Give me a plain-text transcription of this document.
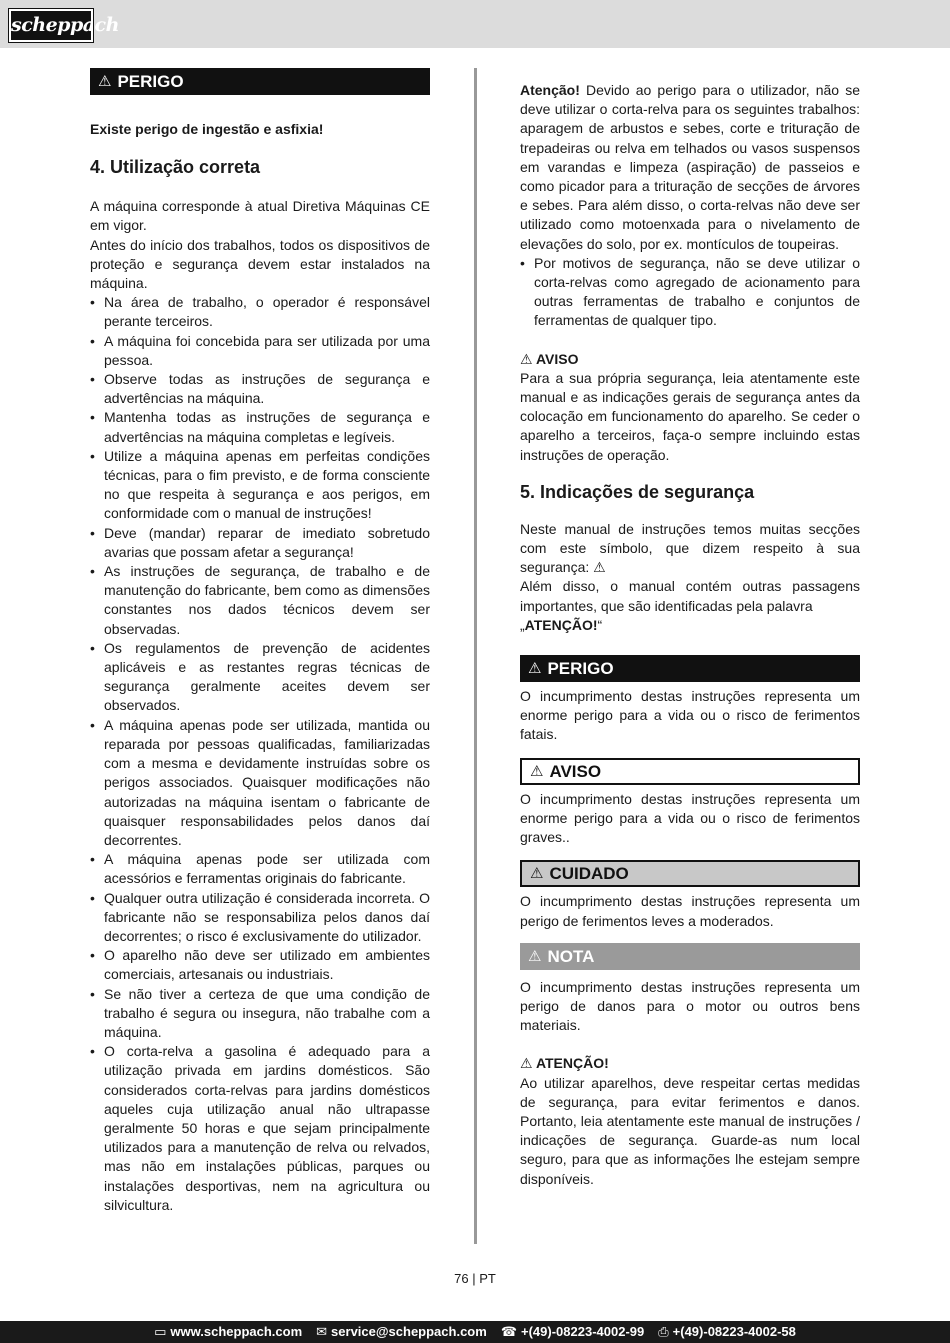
scheppach
⚠ PERIGO

Existe perigo de ingestão e asfixia!

4. Utilização correta

A máquina corresponde à atual Diretiva Máquinas CE em vigor.

Antes do início dos trabalhos, todos os dispositivos de proteção e segurança devem estar instalados na máquina.

• Na área de trabalho, o operador é responsável perante terceiros.
• A máquina foi concebida para ser utilizada por uma pessoa.
• Observe todas as instruções de segurança e advertências na máquina.
• Mantenha todas as instruções de segurança e advertências na máquina completas e legíveis.
• Utilize a máquina apenas em perfeitas condições técnicas, para o fim previsto, e de forma consciente no que respeita à segurança e aos perigos, em conformidade com o manual de instruções!
• Deve (mandar) reparar de imediato sobretudo avarias que possam afetar a segurança!
• As instruções de segurança, de trabalho e de manutenção do fabricante, bem como as dimensões constantes nos dados técnicos devem ser observadas.
• Os regulamentos de prevenção de acidentes aplicáveis e as restantes regras técnicas de segurança geralmente aceites devem ser observados.
• A máquina apenas pode ser utilizada, mantida ou reparada por pessoas qualificadas, familiarizadas com a mesma e devidamente instruídas sobre os perigos associados. Quaisquer modificações não autorizadas na máquina isentam o fabricante de quaisquer responsabilidades pelos danos daí decorrentes.
• A máquina apenas pode ser utilizada com acessórios e ferramentas originais do fabricante.
• Qualquer outra utilização é considerada incorreta. O fabricante não se responsabiliza pelos danos daí decorrentes; o risco é exclusivamente do utilizador.
• O aparelho não deve ser utilizado em ambientes comerciais, artesanais ou industriais.
• Se não tiver a certeza de que uma condição de trabalho é segura ou insegura, não trabalhe com a máquina.
• O corta-relva a gasolina é adequado para a utilização privada em jardins domésticos. São considerados corta-relvas para jardins domésticos aqueles cuja utilização anual não ultrapasse geralmente 50 horas e que sejam principalmente utilizados para a manutenção de relva ou relvados, mas não em instalações públicas, parques ou instalações desportivas, nem na agricultura ou silvicultura.

Atenção! Devido ao perigo para o utilizador, não se deve utilizar o corta-relva para os seguintes trabalhos: aparagem de arbustos e sebes, corte e trituração de trepadeiras ou relva em telhados ou vasos suspensos em varandas e limpeza (aspiração) de passeios e como picador para a trituração de secções de árvores e sebes. Para além disso, o corta-relvas não deve ser utilizado como motoenxada para o nivelamento de elevações do solo, por ex. montículos de toupeiras.

• Por motivos de segurança, não se deve utilizar o corta-relvas como agregado de acionamento para outras ferramentas de trabalho e conjuntos de ferramentas de qualquer tipo.
⚠ AVISO

Para a sua própria segurança, leia atentamente este manual e as indicações gerais de segurança antes da colocação em funcionamento do aparelho. Se ceder o aparelho a terceiros, faça-o sempre incluindo estas instruções de operação.

5. Indicações de segurança

Neste manual de instruções temos muitas secções com este símbolo, que dizem respeito à sua segurança: ⚠

Além disso, o manual contém outras passagens importantes, que são identificadas pela palavra

„ATENÇÃO!“

⚠ PERIGO

O incumprimento destas instruções representa um enorme perigo para a vida ou o risco de ferimentos fatais.

⚠ AVISO

O incumprimento destas instruções representa um enorme perigo para a vida ou o risco de ferimentos graves..

⚠ CUIDADO

O incumprimento destas instruções representa um perigo de ferimentos leves a moderados.

⚠ NOTA

O incumprimento destas instruções representa um perigo de danos para o motor ou outros bens materiais.

⚠ ATENÇÃO!

Ao utilizar aparelhos, deve respeitar certas medidas de segurança, para evitar ferimentos e danos. Portanto, leia atentamente este manual de instruções / indicações de segurança. Guarde-as num local seguro, para que as informações lhe estejam sempre disponíveis.

76 | PT
▭ www.scheppach.com ✉ service@scheppach.com ☎ +(49)-08223-4002-99 ⎙ +(49)-08223-4002-58
